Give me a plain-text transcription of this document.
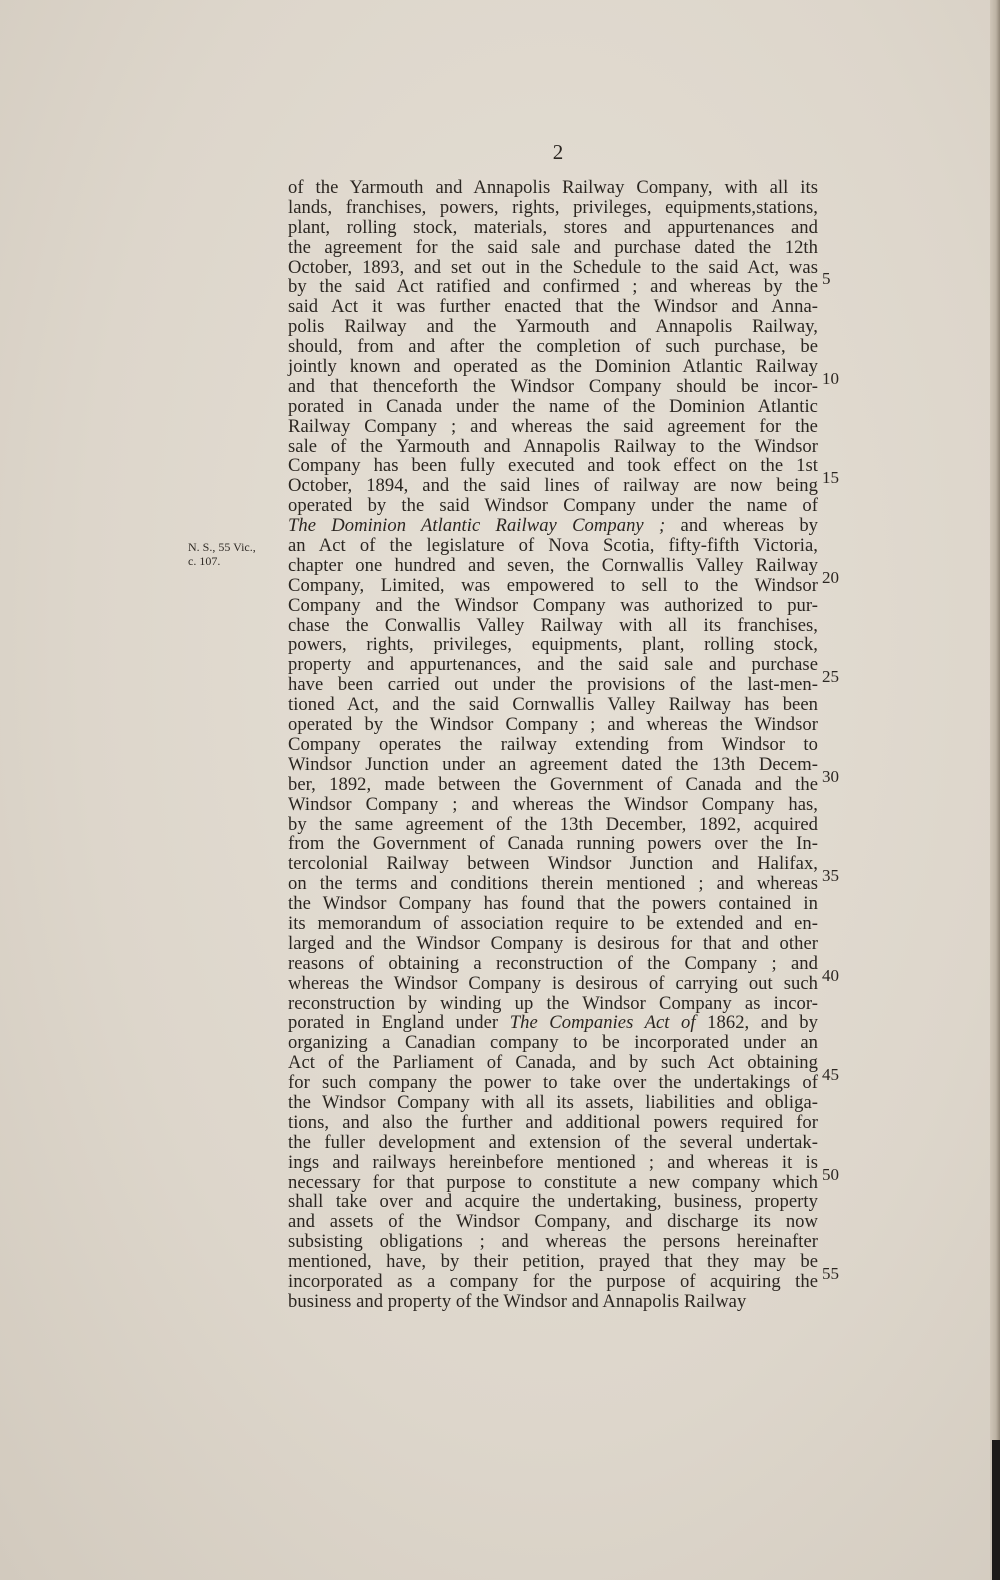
2
N. S., 55 Vic.,
c. 107.
of the Yarmouth and Annapolis Railway Company, with all its
lands, franchises, powers, rights, privileges, equipments,stations,
plant, rolling stock, materials, stores and appurtenances and
the agreement for the said sale and purchase dated the 12th
October, 1893, and set out in the Schedule to the said Act, was
by the said Act ratified and confirmed ; and whereas by the
said Act it was further enacted that the Windsor and Anna-
polis Railway and the Yarmouth and Annapolis Railway,
should, from and after the completion of such purchase, be
jointly known and operated as the Dominion Atlantic Railway
and that thenceforth the Windsor Company should be incor-
porated in Canada under the name of the Dominion Atlantic
Railway Company ; and whereas the said agreement for the
sale of the Yarmouth and Annapolis Railway to the Windsor
Company has been fully executed and took effect on the 1st
October, 1894, and the said lines of railway are now being
operated by the said Windsor Company under the name of
The Dominion Atlantic Railway Company ; and whereas by
an Act of the legislature of Nova Scotia, fifty-fifth Victoria,
chapter one hundred and seven, the Cornwallis Valley Railway
Company, Limited, was empowered to sell to the Windsor
Company and the Windsor Company was authorized to pur-
chase the Conwallis Valley Railway with all its franchises,
powers, rights, privileges, equipments, plant, rolling stock,
property and appurtenances, and the said sale and purchase
have been carried out under the provisions of the last-men-
tioned Act, and the said Cornwallis Valley Railway has been
operated by the Windsor Company ; and whereas the Windsor
Company operates the railway extending from Windsor to
Windsor Junction under an agreement dated the 13th Decem-
ber, 1892, made between the Government of Canada and the
Windsor Company ; and whereas the Windsor Company has,
by the same agreement of the 13th December, 1892, acquired
from the Government of Canada running powers over the In-
tercolonial Railway between Windsor Junction and Halifax,
on the terms and conditions therein mentioned ; and whereas
the Windsor Company has found that the powers contained in
its memorandum of association require to be extended and en-
larged and the Windsor Company is desirous for that and other
reasons of obtaining a reconstruction of the Company ; and
whereas the Windsor Company is desirous of carrying out such
reconstruction by winding up the Windsor Company as incor-
porated in England under The Companies Act of 1862, and by
organizing a Canadian company to be incorporated under an
Act of the Parliament of Canada, and by such Act obtaining
for such company the power to take over the undertakings of
the Windsor Company with all its assets, liabilities and obliga-
tions, and also the further and additional powers required for
the fuller development and extension of the several undertak-
ings and railways hereinbefore mentioned ; and whereas it is
necessary for that purpose to constitute a new company which
shall take over and acquire the undertaking, business, property
and assets of the Windsor Company, and discharge its now
subsisting obligations ; and whereas the persons hereinafter
mentioned, have, by their petition, prayed that they may be
incorporated as a company for the purpose of acquiring the
business and property of the Windsor and Annapolis Railway
5
10
15
20
25
30
35
40
45
50
55
